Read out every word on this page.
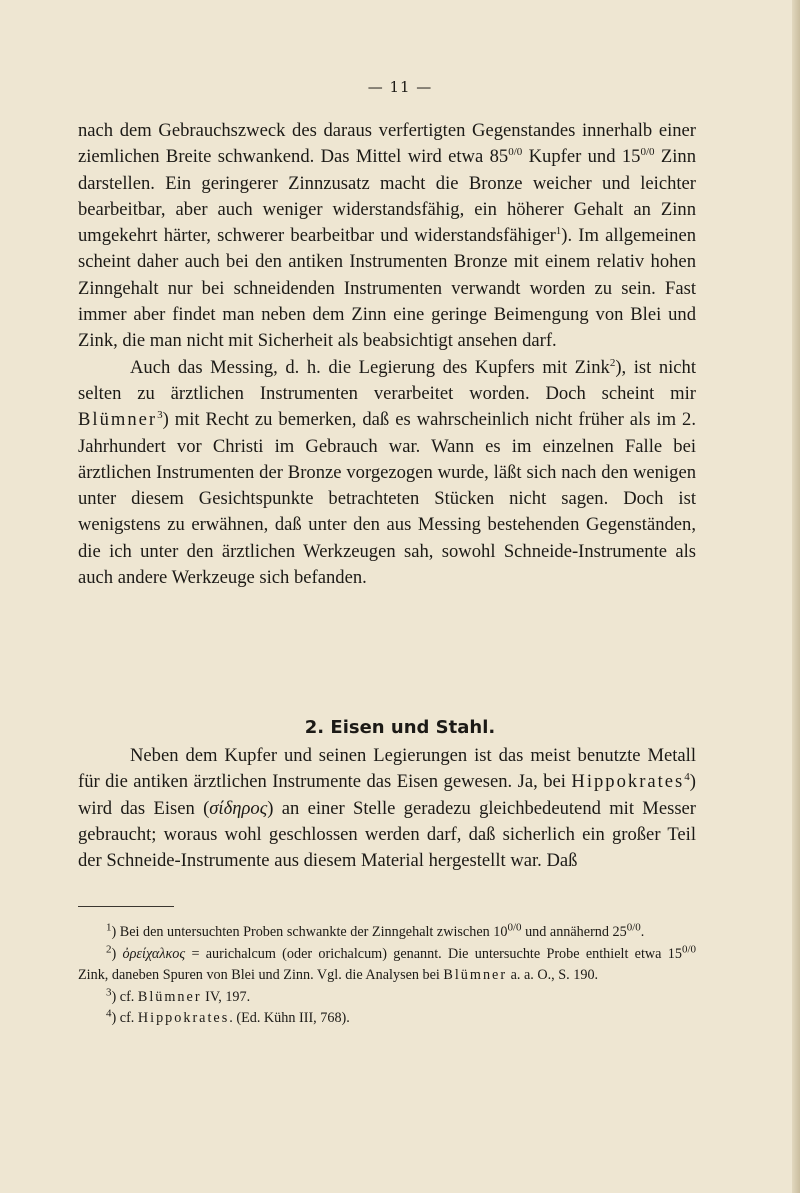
— 11 —

nach dem Gebrauchszweck des daraus verfertigten Gegenstandes innerhalb einer ziemlichen Breite schwankend. Das Mittel wird etwa $85^{0/0}$ Kupfer und $15^{0/0}$ Zinn darstellen. Ein geringerer Zinnzusatz macht die Bronze weicher und leichter bearbeitbar, aber auch weniger widerstandsfähig, ein höherer Gehalt an Zinn umgekehrt härter, schwerer bearbeitbar und widerstandsfähiger$^1$). Im allgemeinen scheint daher auch bei den antiken Instrumenten Bronze mit einem relativ hohen Zinngehalt nur bei schneidenden Instrumenten verwandt worden zu sein. Fast immer aber findet man neben dem Zinn eine geringe Beimengung von Blei und Zink, die man nicht mit Sicherheit als beabsichtigt ansehen darf.

Auch das Messing, d. h. die Legierung des Kupfers mit Zink$^2$), ist nicht selten zu ärztlichen Instrumenten verarbeitet worden. Doch scheint mir Blümner$^3$) mit Recht zu bemerken, daß es wahrscheinlich nicht früher als im 2. Jahrhundert vor Christi im Gebrauch war. Wann es im einzelnen Falle bei ärztlichen Instrumenten der Bronze vorgezogen wurde, läßt sich nach den wenigen unter diesem Gesichtspunkte betrachteten Stücken nicht sagen. Doch ist wenigstens zu erwähnen, daß unter den aus Messing bestehenden Gegenständen, die ich unter den ärztlichen Werkzeugen sah, sowohl Schneide-Instrumente als auch andere Werkzeuge sich befanden.

2. Eisen und Stahl.

Neben dem Kupfer und seinen Legierungen ist das meist benutzte Metall für die antiken ärztlichen Instrumente das Eisen gewesen. Ja, bei Hippokrates$^4$) wird das Eisen (σίδηρος) an einer Stelle geradezu gleichbedeutend mit Messer gebraucht; woraus wohl geschlossen werden darf, daß sicherlich ein großer Teil der Schneide-Instrumente aus diesem Material hergestellt war. Daß

$^1$) Bei den untersuchten Proben schwankte der Zinngehalt zwischen $10^{0/0}$ und annähernd $25^{0/0}$.

$^2$) ὀρείχαλκος = aurichalcum (oder orichalcum) genannt. Die untersuchte Probe enthielt etwa $15^{0/0}$ Zink, daneben Spuren von Blei und Zinn. Vgl. die Analysen bei Blümner a. a. O., S. 190.

$^3$) cf. Blümner IV, 197.

$^4$) cf. Hippokrates. (Ed. Kühn III, 768).
